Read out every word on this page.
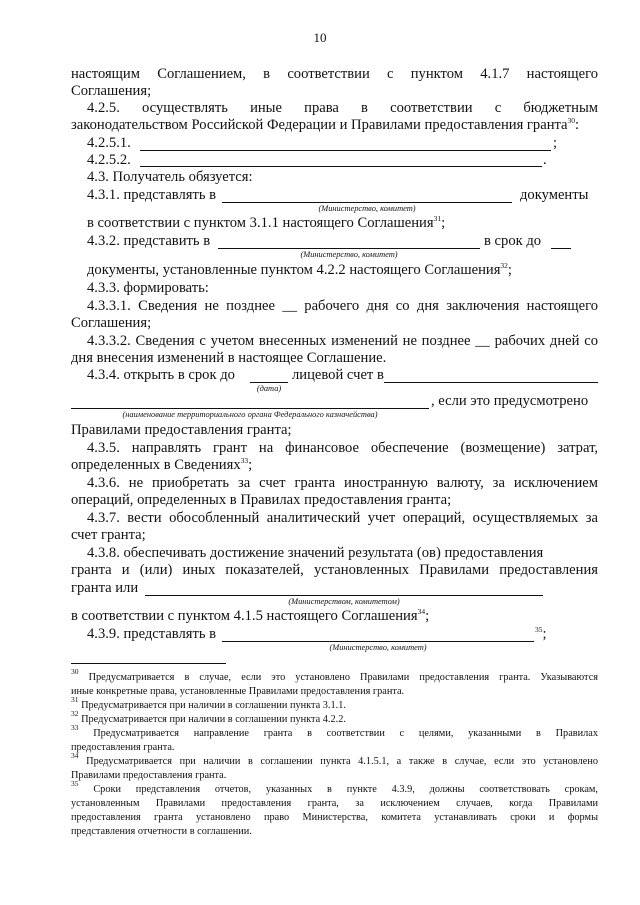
10
настоящим Соглашением, в соответствии с пунктом 4.1.7 настоящего
Соглашения;
4.2.5. осуществлять иные права в соответствии с бюджетным
законодательством Российской Федерации и Правилами предоставления гранта$^{30}$:
4.2.5.1.	;
4.2.5.2.	.
4.3. Получатель обязуется:
4.3.1. представлять в	документы
(Министерство, комитет)
в соответствии с пунктом 3.1.1 настоящего Соглашения$^{31}$;
4.3.2. представить в	в срок до
(Министерство, комитет)
документы, установленные пунктом 4.2.2 настоящего Соглашения$^{32}$;
4.3.3. формировать:
4.3.3.1. Сведения не позднее __ рабочего дня со дня заключения настоящего
Соглашения;
4.3.3.2. Сведения с учетом внесенных изменений не позднее __ рабочих дней со
дня внесения изменений в настоящее Соглашение.
4.3.4. открыть в срок до	лицевой счет в
(дата)
, если это предусмотрено
(наименование территориального органа Федерального казначейства)
Правилами предоставления гранта;
4.3.5. направлять грант на финансовое обеспечение (возмещение) затрат,
определенных в Сведениях$^{33}$;
4.3.6. не приобретать за счет гранта иностранную валюту, за исключением
операций, определенных в Правилах предоставления гранта;
4.3.7. вести обособленный аналитический учет операций, осуществляемых за
счет гранта;
4.3.8. обеспечивать достижение значений результата (ов) предоставления
гранта и (или) иных показателей, установленных Правилами предоставления
гранта или
(Министерством, комитетом)
в соответствии с пунктом 4.1.5 настоящего Соглашения$^{34}$;
4.3.9. представлять в	$^{35}$;
(Министерство, комитет)
$^{30}$ Предусматривается в случае, если это установлено Правилами предоставления гранта. Указываются
иные конкретные права, установленные Правилами предоставления гранта.
$^{31}$ Предусматривается при наличии в соглашении пункта 3.1.1.
$^{32}$ Предусматривается при наличии в соглашении пункта 4.2.2.
$^{33}$ Предусматривается направление гранта в соответствии с целями, указанными в Правилах
предоставления гранта.
$^{34}$ Предусматривается при наличии в соглашении пункта 4.1.5.1, а также в случае, если это установлено
Правилами предоставления гранта.
$^{35}$ Сроки представления отчетов, указанных в пункте 4.3.9, должны соответствовать срокам,
установленным Правилами предоставления гранта, за исключением случаев, когда Правилами
предоставления гранта установлено право Министерства, комитета устанавливать сроки и формы
представления отчетности в соглашении.
